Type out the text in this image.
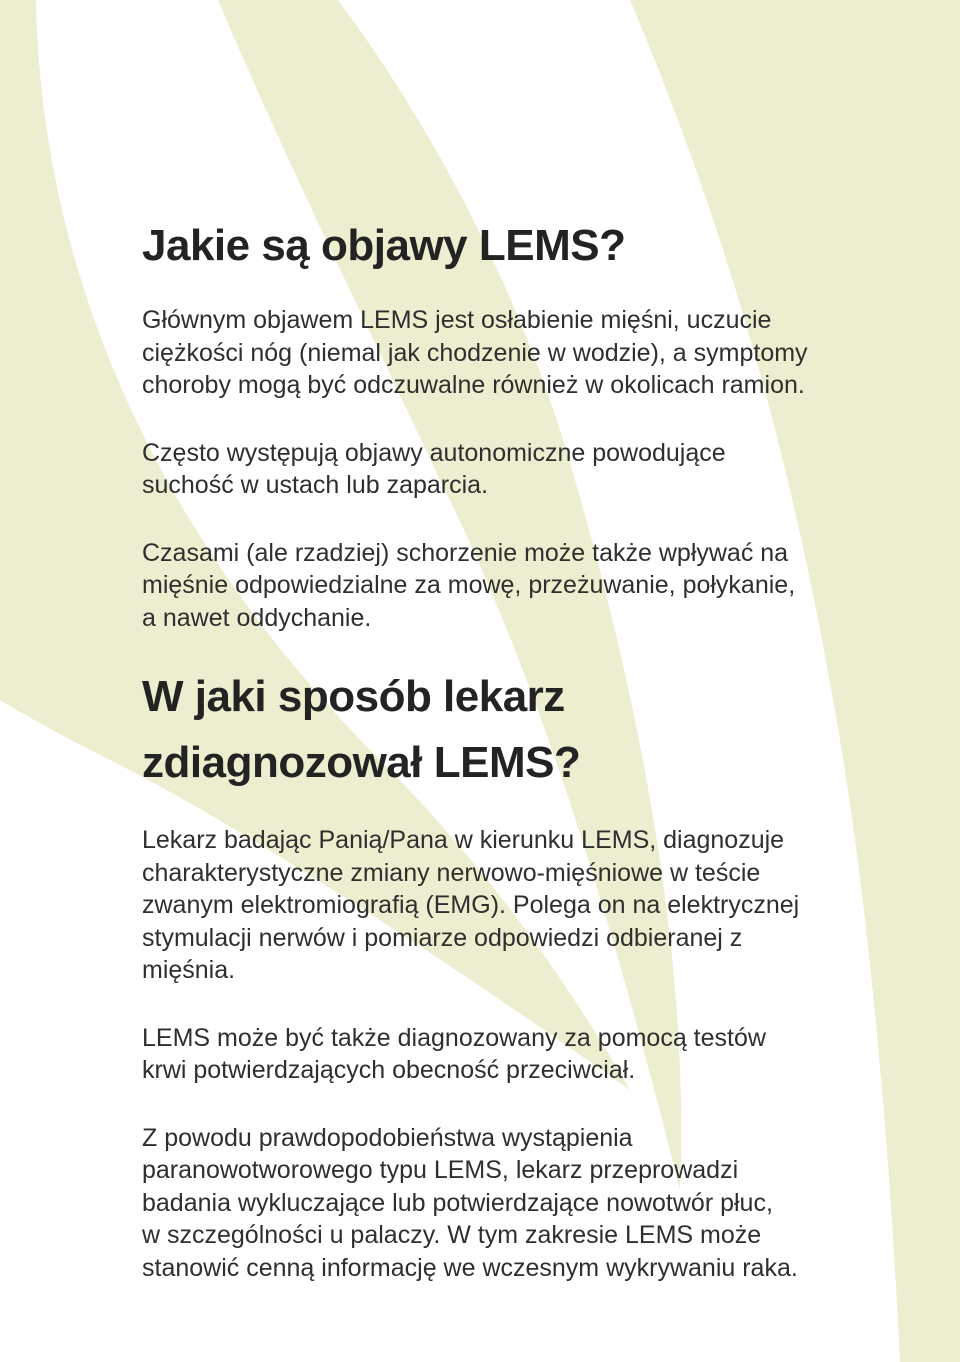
Jakie są objawy LEMS?

Głównym objawem LEMS jest osłabienie mięśni, uczucie
ciężkości nóg (niemal jak chodzenie w wodzie), a symptomy
choroby mogą być odczuwalne również w okolicach ramion.

Często występują objawy autonomiczne powodujące
suchość w ustach lub zaparcia.

Czasami (ale rzadziej) schorzenie może także wpływać na
mięśnie odpowiedzialne za mowę, przeżuwanie, połykanie,
a nawet oddychanie.

W jaki sposób lekarz
zdiagnozował LEMS?

Lekarz badając Panią/Pana w kierunku LEMS, diagnozuje
charakterystyczne zmiany nerwowo-mięśniowe w teście
zwanym elektromiografią (EMG). Polega on na elektrycznej
stymulacji nerwów i pomiarze odpowiedzi odbieranej z
mięśnia.

LEMS może być także diagnozowany za pomocą testów
krwi potwierdzających obecność przeciwciał.

Z powodu prawdopodobieństwa wystąpienia
paranowotworowego typu LEMS, lekarz przeprowadzi
badania wykluczające lub potwierdzające nowotwór płuc,
w szczególności u palaczy. W tym zakresie LEMS może
stanowić cenną informację we wczesnym wykrywaniu raka.
